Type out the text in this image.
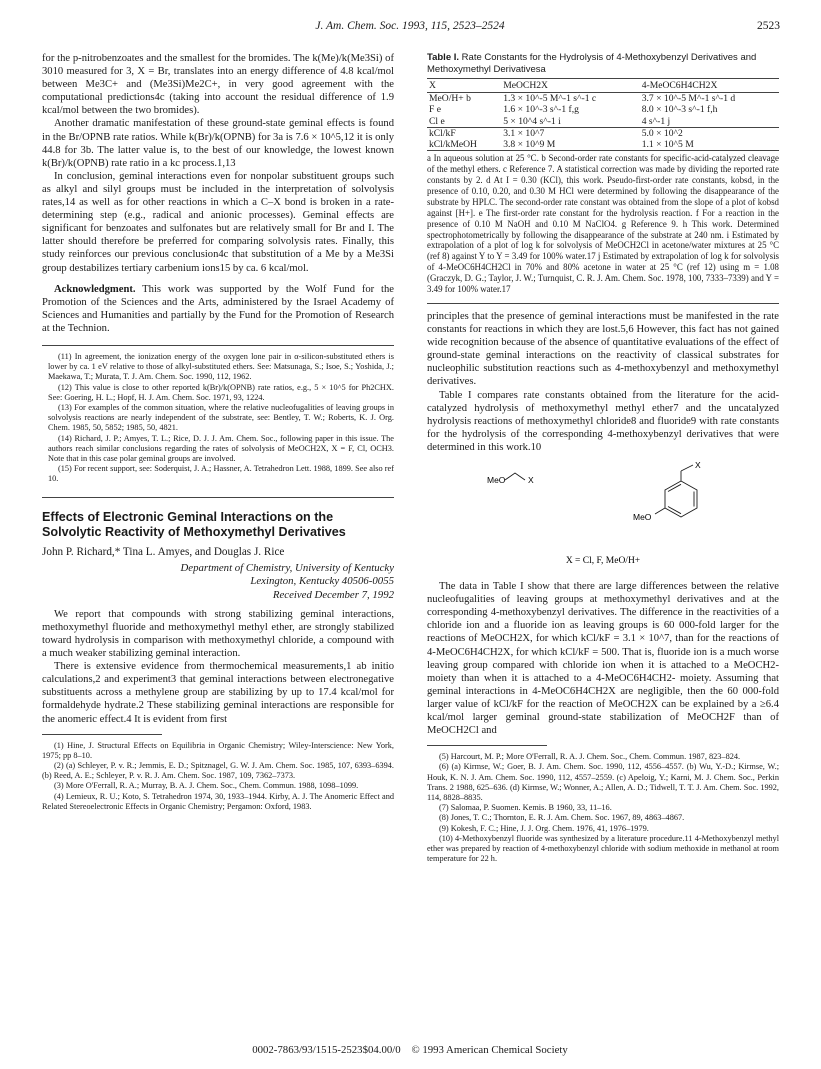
J. Am. Chem. Soc. 1993, 115, 2523–2524	2523

for the p-nitrobenzoates and the smallest for the bromides. The k(Me)/k(Me3Si) of 3010 measured for 3, X = Br, translates into an energy difference of 4.8 kcal/mol between Me3C+ and (Me3Si)Me2C+, in very good agreement with the computational predictions4c (taking into account the residual difference of 1.9 kcal/mol between the two bromides).

Another dramatic manifestation of these ground-state geminal effects is found in the Br/OPNB rate ratios. While k(Br)/k(OPNB) for 3a is 7.6 × 10^5,12 it is only 44.8 for 3b. The latter value is, to the best of our knowledge, the lowest known k(Br)/k(OPNB) rate ratio in a kc process.1,13

In conclusion, geminal interactions even for nonpolar substituent groups such as alkyl and silyl groups must be included in the interpretation of solvolysis rates,14 as well as for other reactions in which a C–X bond is broken in a rate-determining step (e.g., radical and anionic processes). Geminal effects are significant for benzoates and sulfonates but are relatively small for Br and I. The latter should therefore be preferred for comparing solvolysis rates. Finally, this study reinforces our previous conclusion4c that substitution of a Me by a Me3Si group destabilizes tertiary carbenium ions15 by ca. 6 kcal/mol.

Acknowledgment. This work was supported by the Wolf Fund for the Promotion of the Sciences and the Arts, administered by the Israel Academy of Sciences and Humanities and partially by the Fund for the Promotion of Research at the Technion.

(11) In agreement, the ionization energy of the oxygen lone pair in α-silicon-substituted ethers is lower by ca. 1 eV relative to those of alkyl-substituted ethers. See: Matsunaga, S.; Isoe, S.; Yoshida, J.; Maekawa, T.; Murata, T. J. Am. Chem. Soc. 1990, 112, 1962.

(12) This value is close to other reported k(Br)/k(OPNB) rate ratios, e.g., 5 × 10^5 for Ph2CHX. See: Goering, H. L.; Hopf, H. J. Am. Chem. Soc. 1971, 93, 1224.

(13) For examples of the common situation, where the relative nucleofugalities of leaving groups in solvolysis reactions are nearly independent of the substrate, see: Bentley, T. W.; Roberts, K. J. Org. Chem. 1985, 50, 5852; 1985, 50, 4821.

(14) Richard, J. P.; Amyes, T. L.; Rice, D. J. J. Am. Chem. Soc., following paper in this issue. The authors reach similar conclusions regarding the rates of solvolysis of MeOCH2X, X = F, Cl, OCH3. Note that in this case polar geminal groups are involved.

(15) For recent support, see: Soderquist, J. A.; Hassner, A. Tetrahedron Lett. 1988, 1899. See also ref 10.

Effects of Electronic Geminal Interactions on the Solvolytic Reactivity of Methoxymethyl Derivatives

John P. Richard,* Tina L. Amyes, and Douglas J. Rice

Department of Chemistry, University of Kentucky

Lexington, Kentucky 40506-0055

Received December 7, 1992

We report that compounds with strong stabilizing geminal interactions, methoxymethyl fluoride and methoxymethyl methyl ether, are strongly stabilized toward hydrolysis in comparison with methoxymethyl chloride, a compound with a much weaker stabilizing geminal interaction.

There is extensive evidence from thermochemical measurements,1 ab initio calculations,2 and experiment3 that geminal interactions between electronegative substituents across a methylene group are stabilizing by up to 17.4 kcal/mol for formaldehyde hydrate.2 These stabilizing geminal interactions are responsible for the anomeric effect.4 It is evident from first

(1) Hine, J. Structural Effects on Equilibria in Organic Chemistry; Wiley-Interscience: New York, 1975; pp 8–10.

(2) (a) Schleyer, P. v. R.; Jemmis, E. D.; Spitznagel, G. W. J. Am. Chem. Soc. 1985, 107, 6393–6394. (b) Reed, A. E.; Schleyer, P. v. R. J. Am. Chem. Soc. 1987, 109, 7362–7373.

(3) More O'Ferrall, R. A.; Murray, B. A. J. Chem. Soc., Chem. Commun. 1988, 1098–1099.

(4) Lemieux, R. U.; Koto, S. Tetrahedron 1974, 30, 1933–1944. Kirby, A. J. The Anomeric Effect and Related Stereoelectronic Effects in Organic Chemistry; Pergamon: Oxford, 1983.

Table I. Rate Constants for the Hydrolysis of 4-Methoxybenzyl Derivatives and Methoxymethyl Derivativesa
X	MeOCH2X	4-MeOC6H4CH2X
MeO/H+ b	1.3 × 10^-5 M^-1 s^-1 c	3.7 × 10^-5 M^-1 s^-1 d
F e	1.6 × 10^-3 s^-1 f,g	8.0 × 10^-3 s^-1 f,h
Cl e	5 × 10^4 s^-1 i	4 s^-1 j
kCl/kF	3.1 × 10^7	5.0 × 10^2
kCl/kMeOH	3.8 × 10^9 M	1.1 × 10^5 M

a In aqueous solution at 25 °C. b Second-order rate constants for specific-acid-catalyzed cleavage of the methyl ethers. c Reference 7. A statistical correction was made by dividing the reported rate constants by 2. d At I = 0.30 (KCl), this work. Pseudo-first-order rate constants, kobsd, in the presence of 0.10, 0.20, and 0.30 M HCl were determined by following the disappearance of the substrate by HPLC. The second-order rate constant was obtained from the slope of a plot of kobsd against [H+]. e The first-order rate constant for the hydrolysis reaction. f For a reaction in the presence of 0.10 M NaOH and 0.10 M NaClO4. g Reference 9. h This work. Determined spectrophotometrically by following the disappearance of the substrate at 240 nm. i Estimated by extrapolation of a plot of log k for solvolysis of MeOCH2Cl in acetone/water mixtures at 25 °C (ref 8) against Y to Y = 3.49 for 100% water.17 j Estimated by extrapolation of log k for solvolysis of 4-MeOC6H4CH2Cl in 70% and 80% acetone in water at 25 °C (ref 12) using m = 1.08 (Graczyk, D. G.; Taylor, J. W.; Turnquist, C. R. J. Am. Chem. Soc. 1978, 100, 7333–7339) and Y = 3.49 for 100% water.17

principles that the presence of geminal interactions must be manifested in the rate constants for reactions in which they are lost.5,6 However, this fact has not gained wide recognition because of the absence of quantitative evaluations of the effect of ground-state geminal interactions on the reactivity of classical substrates for nucleophilic substitution reactions such as 4-methoxybenzyl and methoxymethyl derivatives.

Table I compares rate constants obtained from the literature for the acid-catalyzed hydrolysis of methoxymethyl methyl ether7 and the uncatalyzed hydrolysis reactions of methoxymethyl chloride8 and fluoride9 with rate constants for the hydrolysis of the corresponding 4-methoxybenzyl derivatives that were determined in this work.10

MeO	X
X
MeO
X = Cl, F, MeO/H+

The data in Table I show that there are large differences between the relative nucleofugalities of leaving groups at methoxymethyl derivatives and at the corresponding 4-methoxybenzyl derivatives. The difference in the reactivities of a chloride ion and a fluoride ion as leaving groups is 60 000-fold larger for the reactions of MeOCH2X, for which kCl/kF = 3.1 × 10^7, than for the reactions of 4-MeOC6H4CH2X, for which kCl/kF = 500. That is, fluoride ion is a much worse leaving group compared with chloride ion when it is attached to a MeOCH2- moiety than when it is attached to a 4-MeOC6H4CH2- moiety. Assuming that geminal interactions in 4-MeOC6H4CH2X are negligible, then the 60 000-fold larger value of kCl/kF for the reaction of MeOCH2X can be explained by a ≥6.4 kcal/mol larger geminal ground-state stabilization of MeOCH2F than of MeOCH2Cl and

(5) Harcourt, M. P.; More O'Ferrall, R. A. J. Chem. Soc., Chem. Commun. 1987, 823–824.

(6) (a) Kirmse, W.; Goer, B. J. Am. Chem. Soc. 1990, 112, 4556–4557. (b) Wu, Y.-D.; Kirmse, W.; Houk, K. N. J. Am. Chem. Soc. 1990, 112, 4557–2559. (c) Apeloig, Y.; Karni, M. J. Chem. Soc., Perkin Trans. 2 1988, 625–636. (d) Kirmse, W.; Wonner, A.; Allen, A. D.; Tidwell, T. T. J. Am. Chem. Soc. 1992, 114, 8828–8835.

(7) Salomaa, P. Suomen. Kemis. B 1960, 33, 11–16.

(8) Jones, T. C.; Thornton, E. R. J. Am. Chem. Soc. 1967, 89, 4863–4867.

(9) Kokesh, F. C.; Hine, J. J. Org. Chem. 1976, 41, 1976–1979.

(10) 4-Methoxybenzyl fluoride was synthesized by a literature procedure.11 4-Methoxybenzyl methyl ether was prepared by reaction of 4-methoxybenzyl chloride with sodium methoxide in methanol at room temperature for 22 h.

0002-7863/93/1515-2523$04.00/0 © 1993 American Chemical Society
